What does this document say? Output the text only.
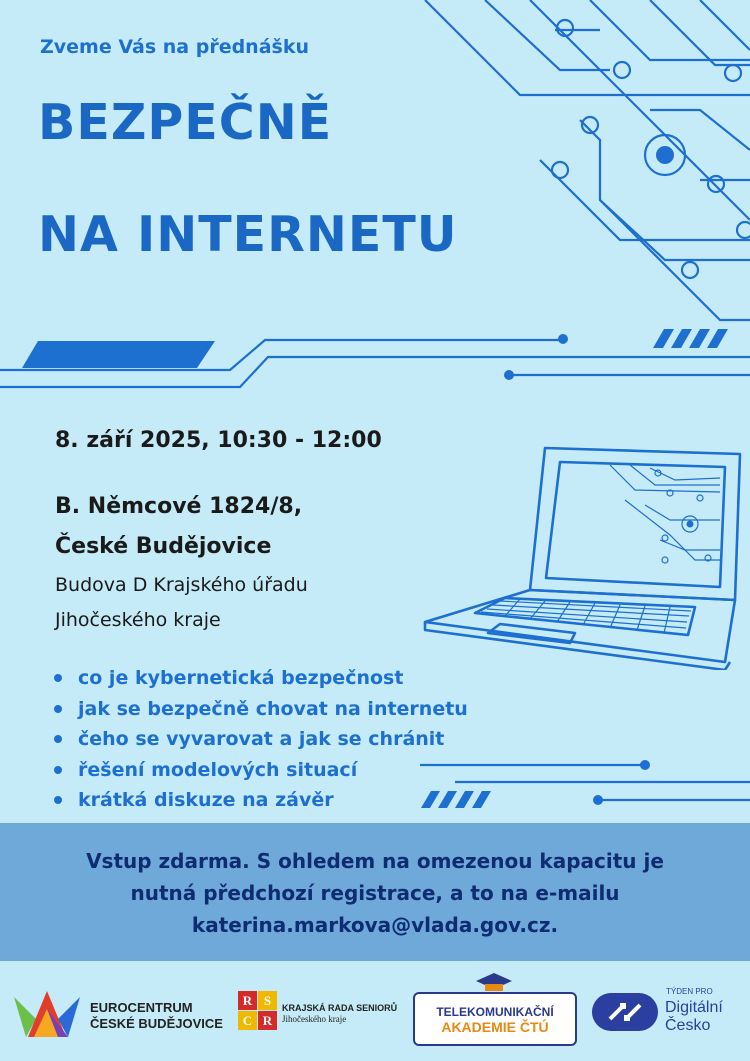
Zveme Vás na přednášku
BEZPEČNĚ
NA INTERNETU
8. září 2025, 10:30 - 12:00
B. Němcové 1824/8,
České Budějovice
Budova D Krajského úřadu
Jihočeského kraje
co je kybernetická bezpečnost
jak se bezpečně chovat na internetu
čeho se vyvarovat a jak se chránit
řešení modelových situací
krátká diskuze na závěr
Vstup zdarma. S ohledem na omezenou kapacitu je
nutná předchozí registrace, a to na e-mailu
katerina.markova@vlada.gov.cz.
EUROCENTRUM
ČESKÉ BUDĚJOVICE
R S
C R
KRAJSKÁ RADA SENIORŮ
Jihočeského kraje	TELEKOMUNIKAČNÍ
AKADEMIE ČTÚ
TÝDEN PRO
Digitální
Česko
